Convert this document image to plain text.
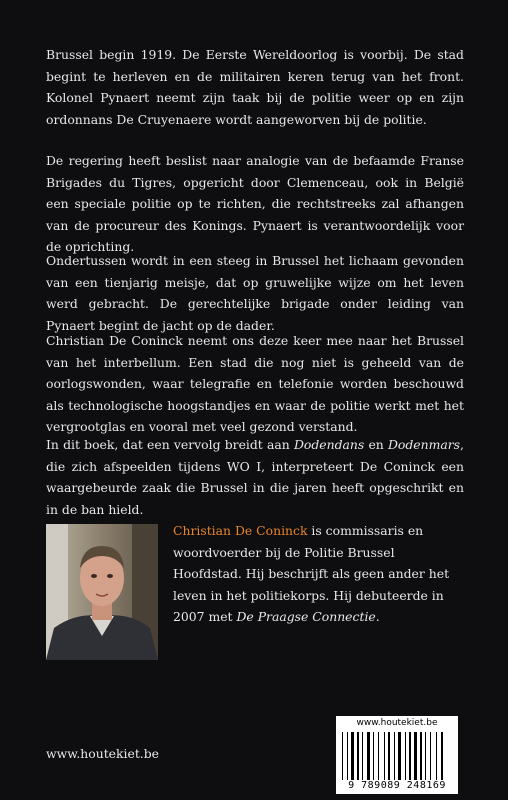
Brussel begin 1919. De Eerste Wereldoorlog is voorbij. De stad begint te herleven en de militairen keren terug van het front. Kolonel Pynaert neemt zijn taak bij de politie weer op en zijn ordonnans De Cruyenaere wordt aangeworven bij de politie.

De regering heeft beslist naar analogie van de befaamde Franse Brigades du Tigres, opgericht door Clemenceau, ook in België een speciale politie op te richten, die rechtstreeks zal afhangen van de procureur des Konings. Pynaert is verantwoordelijk voor de oprichting.

Ondertussen wordt in een steeg in Brussel het lichaam gevonden van een tienjarig meisje, dat op gruwelijke wijze om het leven werd gebracht. De gerechtelijke brigade onder leiding van Pynaert begint de jacht op de dader.

Christian De Coninck neemt ons deze keer mee naar het Brussel van het interbellum. Een stad die nog niet is geheeld van de oorlogswonden, waar telegrafie en telefonie worden beschouwd als technologische hoogstandjes en waar de politie werkt met het vergrootglas en vooral met veel gezond verstand.

In dit boek, dat een vervolg breidt aan Dodendans en Dodenmars, die zich afspeelden tijdens WO I, interpreteert De Coninck een waargebeurde zaak die Brussel in die jaren heeft opgeschrikt en in de ban hield.

Christian De Coninck is commissaris en woordvoerder bij de Politie Brussel Hoofdstad. Hij beschrijft als geen ander het leven in het politiekorps. Hij debuteerde in 2007 met De Praagse Connectie.

www.houtekiet.be
www.houtekiet.be
9 789089 248169
